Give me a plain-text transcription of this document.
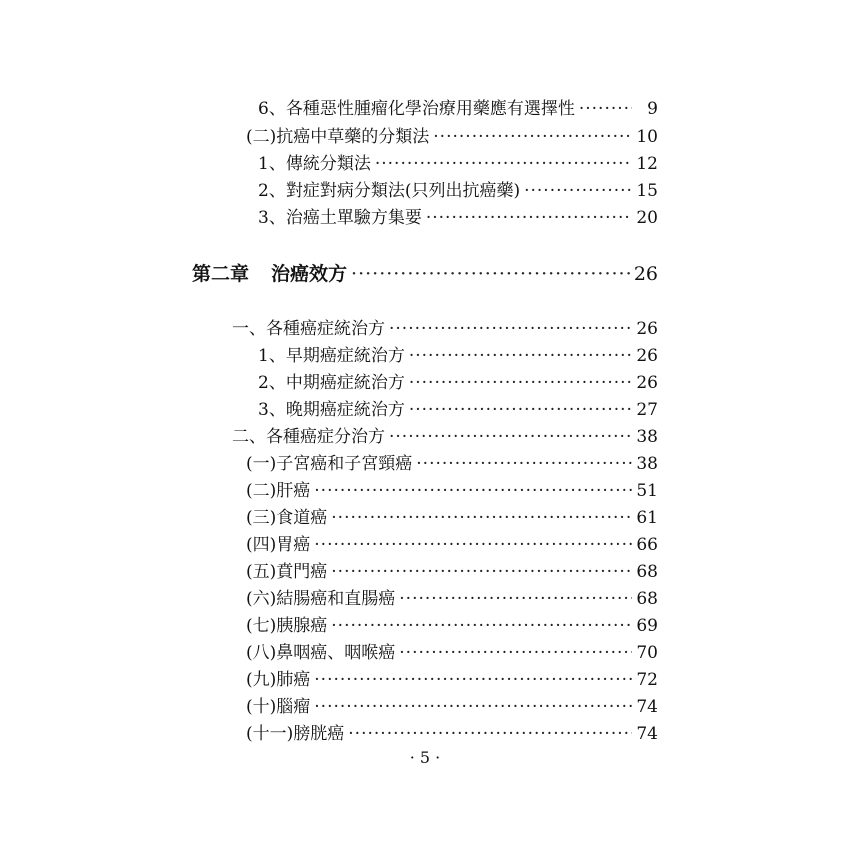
6、各種惡性腫瘤化學治療用藥應有選擇性 ·····	9
(二)抗癌中草藥的分類法 ·····	10
1、傳統分類法 ·····	12
2、對症對病分類法(只列出抗癌藥) ·····	15
3、治癌土單驗方集要 ·····	20
第二章 治癌效方 ·····	26
一、各種癌症統治方 ·····	26
1、早期癌症統治方 ·····	26
2、中期癌症統治方 ·····	26
3、晚期癌症統治方 ·····	27
二、各種癌症分治方 ·····	38
(一)子宮癌和子宮頸癌 ·····	38
(二)肝癌 ·····	51
(三)食道癌 ·····	61
(四)胃癌 ·····	66
(五)賁門癌 ·····	68
(六)結腸癌和直腸癌 ·····	68
(七)胰腺癌 ·····	69
(八)鼻咽癌、咽喉癌 ·····	70
(九)肺癌 ·····	72
(十)腦瘤 ·····	74
(十一)膀胱癌 ·····	74
· 5 ·
